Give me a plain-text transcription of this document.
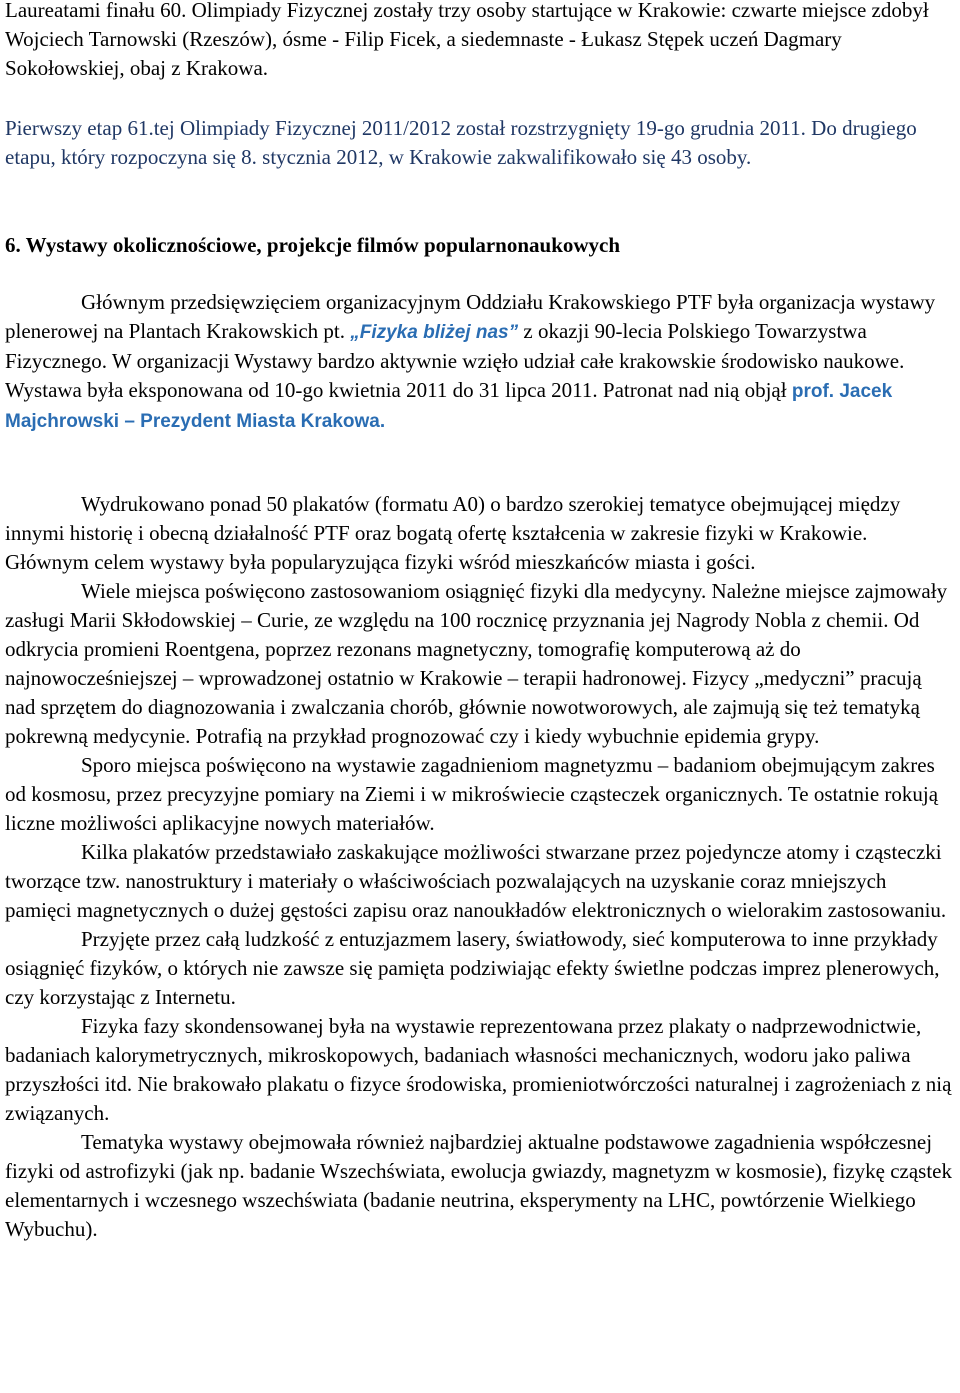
Laureatami finału 60. Olimpiady Fizycznej zostały trzy osoby startujące w Krakowie: czwarte miejsce zdobył Wojciech Tarnowski (Rzeszów), ósme - Filip Ficek, a siedemnaste - Łukasz Stępek uczeń Dagmary Sokołowskiej, obaj z Krakowa.

Pierwszy etap 61.tej Olimpiady Fizycznej 2011/2012 został rozstrzygnięty 19-go grudnia 2011. Do drugiego etapu, który rozpoczyna się 8. stycznia 2012, w Krakowie zakwalifikowało się 43 osoby.

6. Wystawy okolicznościowe, projekcje filmów popularnonaukowych

Głównym przedsięwzięciem organizacyjnym Oddziału Krakowskiego PTF była organizacja wystawy plenerowej na Plantach Krakowskich pt. „Fizyka bliżej nas” z okazji 90-lecia Polskiego Towarzystwa Fizycznego. W organizacji Wystawy bardzo aktywnie wzięło udział całe krakowskie środowisko naukowe. Wystawa była eksponowana od 10-go kwietnia 2011 do 31 lipca 2011. Patronat nad nią objął prof. Jacek Majchrowski – Prezydent Miasta Krakowa.

Wydrukowano ponad 50 plakatów (formatu A0) o bardzo szerokiej tematyce obejmującej między innymi historię i obecną działalność PTF oraz bogatą ofertę kształcenia w zakresie fizyki w Krakowie. Głównym celem wystawy była popularyzująca fizyki wśród mieszkańców miasta i gości.

Wiele miejsca poświęcono zastosowaniom osiągnięć fizyki dla medycyny. Należne miejsce zajmowały zasługi Marii Skłodowskiej – Curie, ze względu na 100 rocznicę przyznania jej Nagrody Nobla z chemii. Od odkrycia promieni Roentgena, poprzez rezonans magnetyczny, tomografię komputerową aż do najnowocześniejszej – wprowadzonej ostatnio w Krakowie – terapii hadronowej. Fizycy „medyczni” pracują nad sprzętem do diagnozowania i zwalczania chorób, głównie nowotworowych, ale zajmują się też tematyką pokrewną medycynie. Potrafią na przykład prognozować czy i kiedy wybuchnie epidemia grypy.

Sporo miejsca poświęcono na wystawie zagadnieniom magnetyzmu – badaniom obejmującym zakres od kosmosu, przez precyzyjne pomiary na Ziemi i w mikroświecie cząsteczek organicznych. Te ostatnie rokują liczne możliwości aplikacyjne nowych materiałów.

Kilka plakatów przedstawiało zaskakujące możliwości stwarzane przez pojedyncze atomy i cząsteczki tworzące tzw. nanostruktury i materiały o właściwościach pozwalających na uzyskanie coraz mniejszych pamięci magnetycznych o dużej gęstości zapisu oraz nanoukładów elektronicznych o wielorakim zastosowaniu.

Przyjęte przez całą ludzkość z entuzjazmem lasery, światłowody, sieć komputerowa to inne przykłady osiągnięć fizyków, o których nie zawsze się pamięta podziwiając efekty świetlne podczas imprez plenerowych, czy korzystając z Internetu.

Fizyka fazy skondensowanej była na wystawie reprezentowana przez plakaty o nadprzewodnictwie, badaniach kalorymetrycznych, mikroskopowych, badaniach własności mechanicznych, wodoru jako paliwa przyszłości itd. Nie brakowało plakatu o fizyce środowiska, promieniotwórczości naturalnej i zagrożeniach z nią związanych.

Tematyka wystawy obejmowała również najbardziej aktualne podstawowe zagadnienia współczesnej fizyki od astrofizyki (jak np. badanie Wszechświata, ewolucja gwiazdy, magnetyzm w kosmosie), fizykę cząstek elementarnych i wczesnego wszechświata (badanie neutrina, eksperymenty na LHC, powtórzenie Wielkiego Wybuchu).
